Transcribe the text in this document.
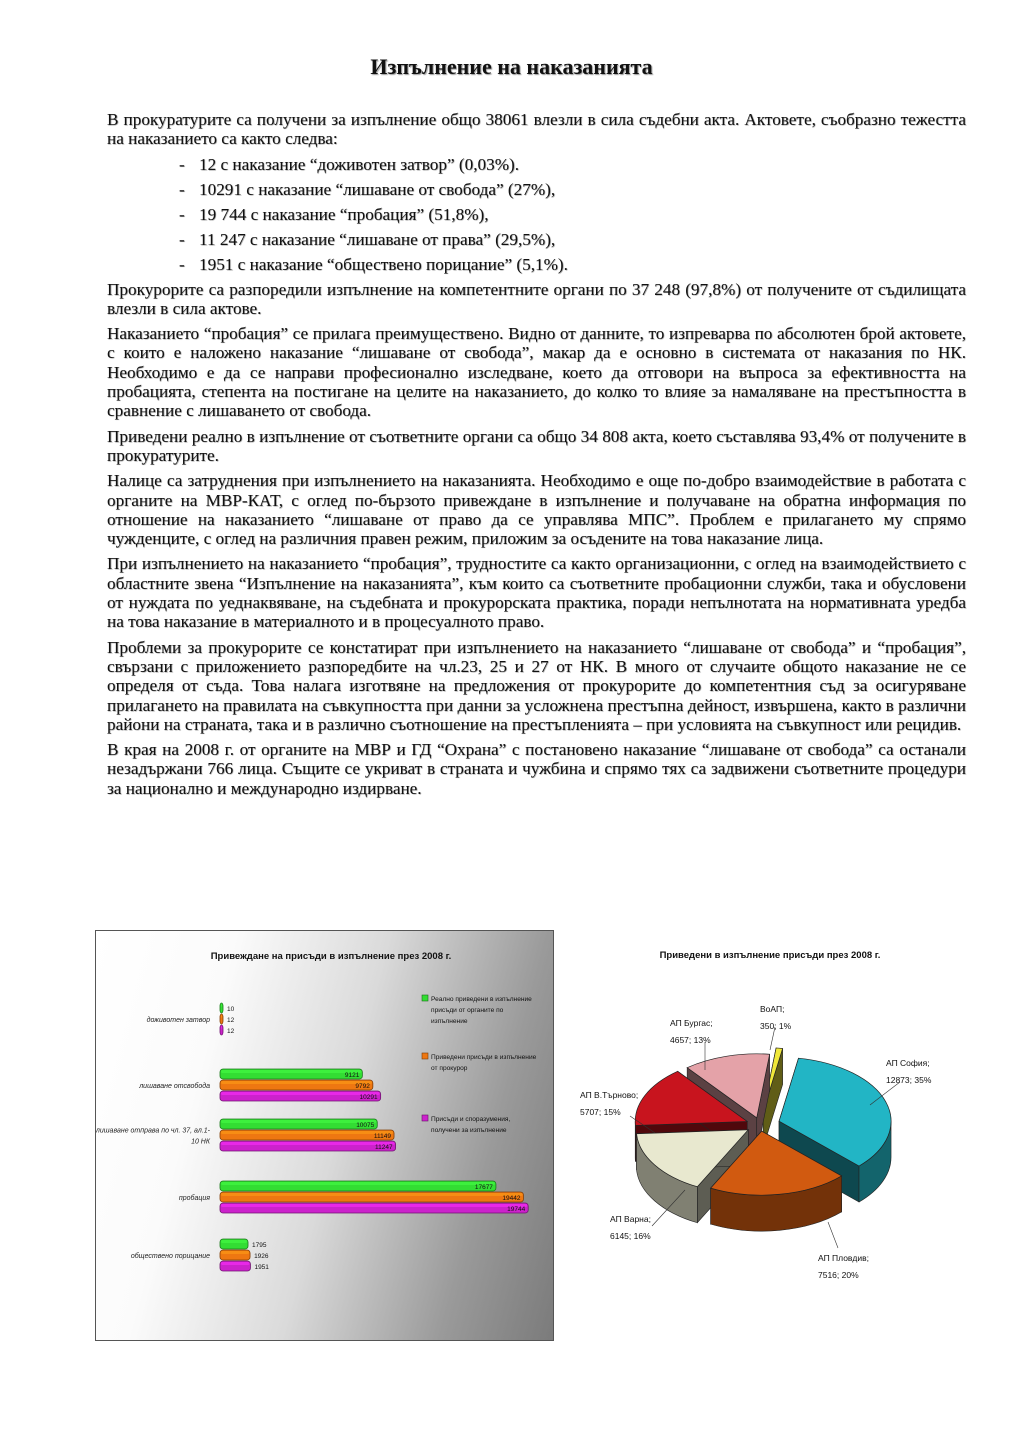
Изпълнение на наказанията

В прокуратурите са получени за изпълнение общо 38061 влезли в сила съдебни акта. Актовете, съобразно тежестта на наказанието са както следва:

- 12 с наказание “доживотен затвор” (0,03%).
- 10291 с наказание “лишаване от свобода” (27%),
- 19 744 с наказание “пробация” (51,8%),
- 11 247 с наказание “лишаване от права” (29,5%),
- 1951 с наказание “обществено порицание” (5,1%).

Прокурорите са разпоредили изпълнение на компетентните органи по 37 248 (97,8%) от получените от съдилищата влезли в сила актове.

Наказанието “пробация” се прилага преимуществено. Видно от данните, то изпреварва по абсолютен брой актовете, с които е наложено наказание “лишаване от свобода”, макар да е основно в системата от наказания по НК. Необходимо е да се направи професионално изследване, което да отговори на въпроса за ефективността на пробацията, степента на постигане на целите на наказанието, до колко то влияе за намаляване на престъпността в сравнение с лишаването от свобода.

Приведени реално в изпълнение от съответните органи са общо 34 808 акта, което съставлява 93,4% от получените в прокуратурите.

Налице са затруднения при изпълнението на наказанията. Необходимо е още по-добро взаимодействие в работата с органите на МВР-КАТ, с оглед по-бързото привеждане в изпълнение и получаване на обратна информация по отношение на наказанието “лишаване от право да се управлява МПС”. Проблем е прилагането му спрямо чужденците, с оглед на различния правен режим, приложим за осъдените на това наказание лица.

При изпълнението на наказанието “пробация”, трудностите са както организационни, с оглед на взаимодействието с областните звена “Изпълнение на наказанията”, към които са съответните пробационни служби, така и обусловени от нуждата по уеднаквяване, на съдебната и прокурорската практика, поради непълнотата на нормативната уредба на това наказание в материалното и в процесуалното право.

Проблеми за прокурорите се констатират при изпълнението на наказанието “лишаване от свобода” и “пробация”, свързани с приложението разпоредбите на чл.23, 25 и 27 от НК. В много от случаите общото наказание не се определя от съда. Това налага изготвяне на предложения от прокурорите до компетентния съд за осигуряване прилагането на правилата на съвкупността при данни за усложнена престъпна дейност, извършена, както в различни райони на страната, така и в различно съотношение на престъпленията – при условията на съвкупност или рецидив.

В края на 2008 г. от органите на МВР и ГД “Охрана” с постановено наказание “лишаване от свобода” са останали незадържани 766 лица. Същите се укриват в страната и чужбина и спрямо тях са задвижени съответните процедури за национално и международно издирване.

Привеждане на присъди в изпълнение през 2008 г.
доживотен затвор
10
12
12
лишаване отсвобода
9121
9792
10291
лишаване отправа по чл. 37, ал.1-
10 НК
10075
11149
11247
пробация
17677
19442
19744
обществено порицание
1795
1926
1951
Реално приведени в изпълнение
присъди от органите по
изпълнение
Приведени присъди в изпълнение
от прокурор
Присъди и споразумения,
получени за изпълнение
Приведени в изпълнение присъди през 2008 г.
АП София;
12873; 35%
АП Пловдив;
7516; 20%
АП Варна;
6145; 16%
АП В.Търново;
5707; 15%
АП Бургас;
4657; 13%
ВоАП;
350; 1%
